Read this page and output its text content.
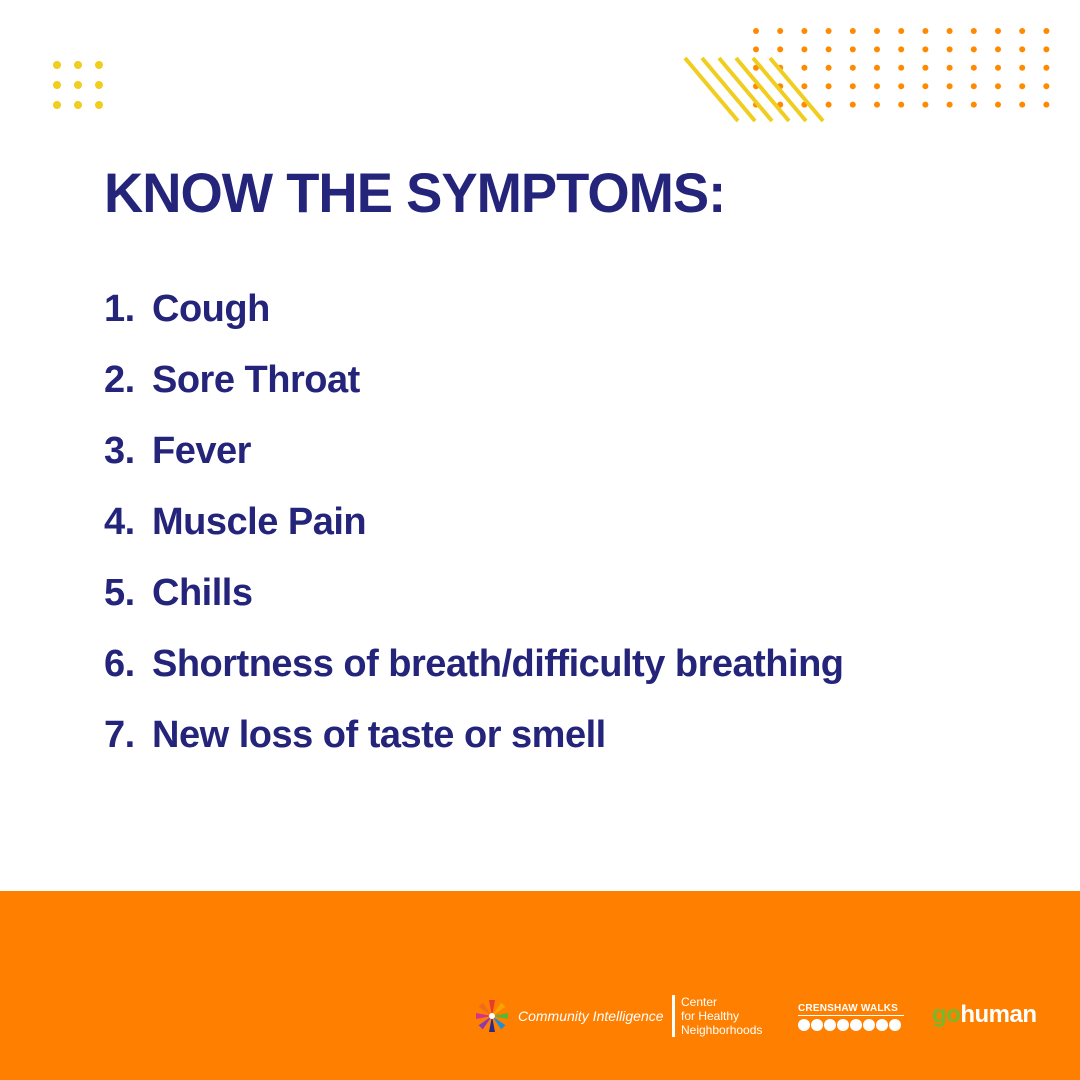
KNOW THE SYMPTOMS:
1. Cough
2. Sore Throat
3. Fever
4. Muscle Pain
5. Chills
6. Shortness of breath/difficulty breathing
7. New loss of taste or smell
Community Intelligence
Center
for Healthy
Neighborhoods
CRENSHAW WALKS go human
